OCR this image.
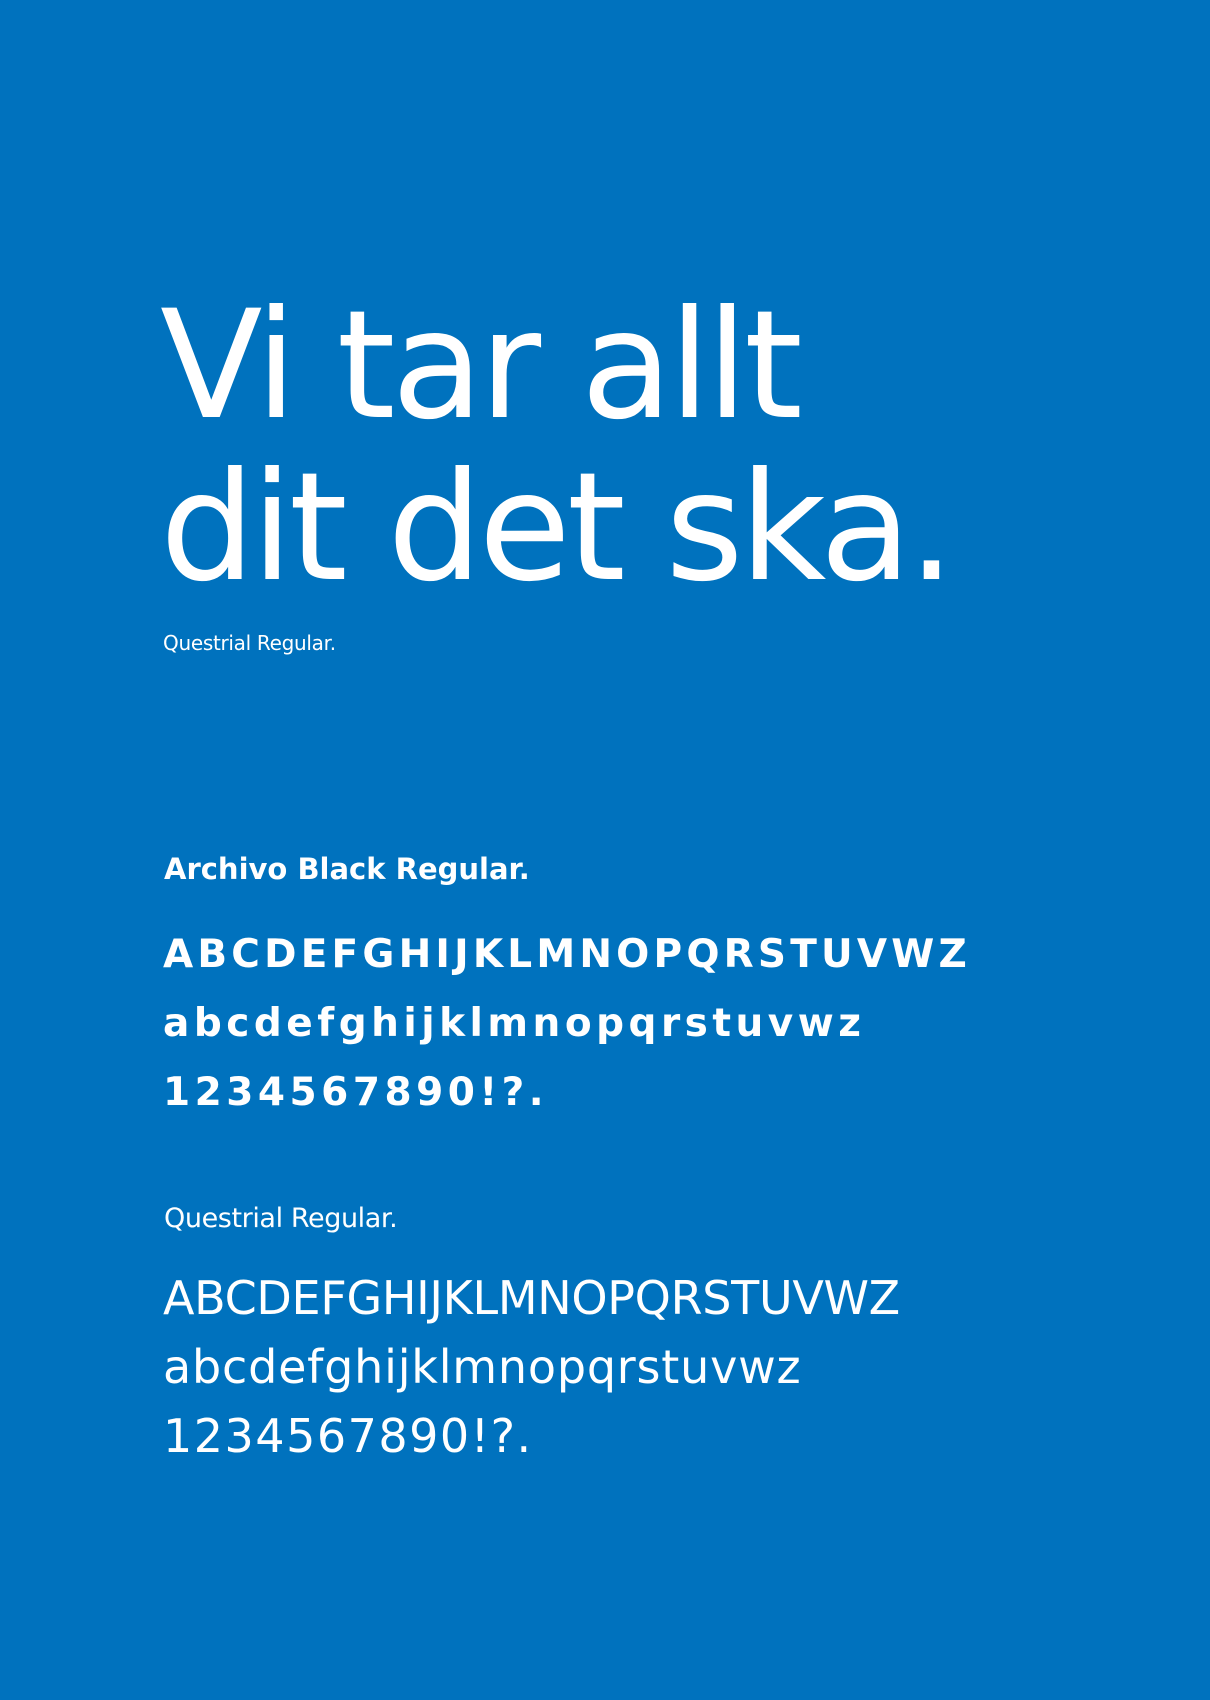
Vi tar allt
dit det ska.
Questrial Regular.
Archivo Black Regular.
ABCDEFGHIJKLMNOPQRSTUVWZ
abcdefghijklmnopqrstuvwz
1234567890!?.
Questrial Regular.
ABCDEFGHIJKLMNOPQRSTUVWZ
abcdefghijklmnopqrstuvwz
1234567890!?.
